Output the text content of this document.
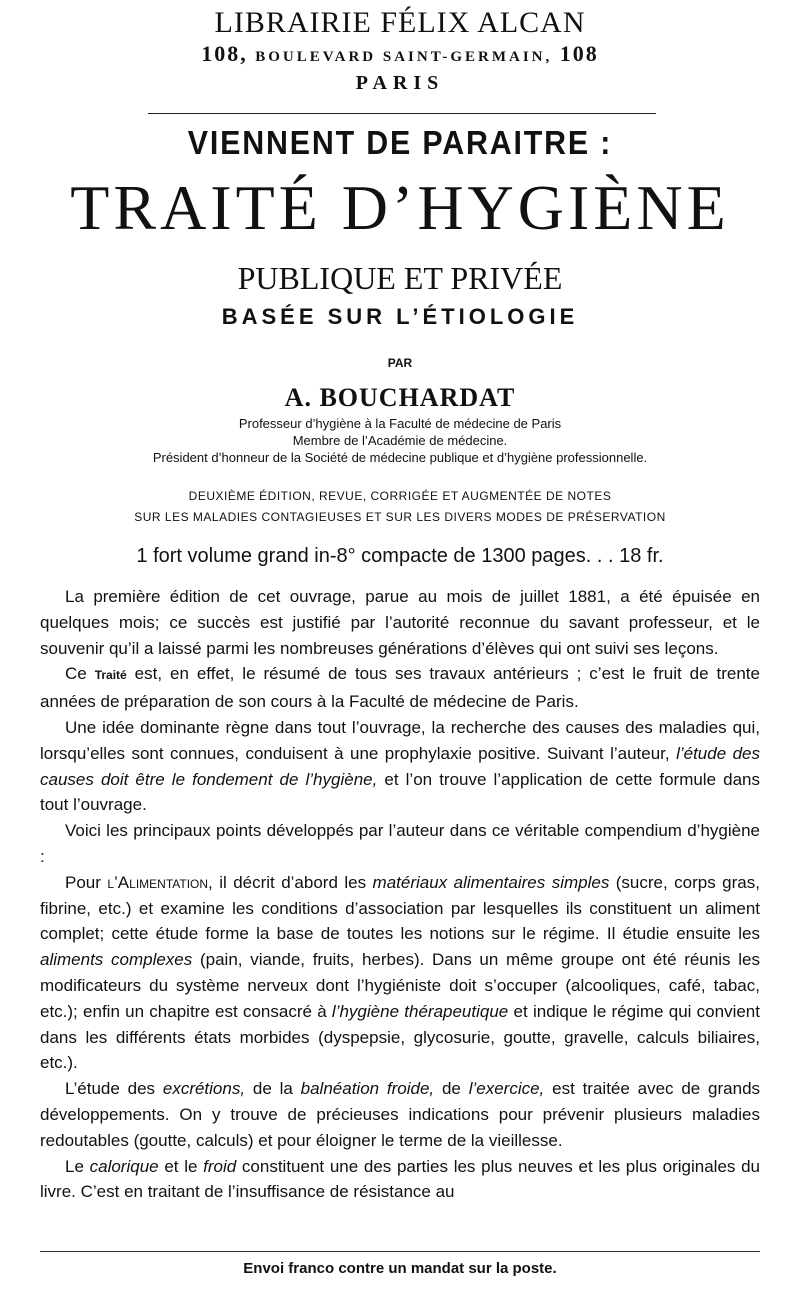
LIBRAIRIE FÉLIX ALCAN
108, BOULEVARD SAINT-GERMAIN, 108
PARIS
VIENNENT DE PARAITRE :
TRAITÉ D’HYGIÈNE
PUBLIQUE ET PRIVÉE
BASÉE SUR L’ÉTIOLOGIE
PAR
A. BOUCHARDAT
Professeur d’hygiène à la Faculté de médecine de Paris
Membre de l’Académie de médecine.
Président d’honneur de la Société de médecine publique et d’hygiène professionnelle.
DEUXIÈME ÉDITION, REVUE, CORRIGÉE ET AUGMENTÉE DE NOTES
SUR LES MALADIES CONTAGIEUSES ET SUR LES DIVERS MODES DE PRÉSERVATION
1 fort volume grand in-8° compacte de 1300 pages. . . 18 fr.

La première édition de cet ouvrage, parue au mois de juillet 1881, a été épuisée en quelques mois; ce succès est justifié par l’autorité reconnue du savant professeur, et le souvenir qu’il a laissé parmi les nombreuses générations d’élèves qui ont suivi ses leçons.

Ce Traité est, en effet, le résumé de tous ses travaux antérieurs ; c’est le fruit de trente années de préparation de son cours à la Faculté de médecine de Paris.

Une idée dominante règne dans tout l’ouvrage, la recherche des causes des maladies qui, lorsqu’elles sont connues, conduisent à une prophylaxie positive. Suivant l’auteur, l’étude des causes doit être le fondement de l’hygiène, et l’on trouve l’application de cette formule dans tout l’ouvrage.

Voici les principaux points développés par l’auteur dans ce véritable compendium d’hygiène :

Pour l’Alimentation, il décrit d’abord les matériaux alimentaires simples (sucre, corps gras, fibrine, etc.) et examine les conditions d’association par lesquelles ils constituent un aliment complet; cette étude forme la base de toutes les notions sur le régime. Il étudie ensuite les aliments complexes (pain, viande, fruits, herbes). Dans un même groupe ont été réunis les modificateurs du système nerveux dont l’hygiéniste doit s’occuper (alcooliques, café, tabac, etc.); enfin un chapitre est consacré à l’hygiène thérapeutique et indique le régime qui convient dans les différents états morbides (dyspepsie, glycosurie, goutte, gravelle, calculs biliaires, etc.).

L’étude des excrétions, de la balnéation froide, de l’exercice, est traitée avec de grands développements. On y trouve de précieuses indications pour prévenir plusieurs maladies redoutables (goutte, calculs) et pour éloigner le terme de la vieillesse.

Le calorique et le froid constituent une des parties les plus neuves et les plus originales du livre. C’est en traitant de l’insuffisance de résistance au

Envoi franco contre un mandat sur la poste.
